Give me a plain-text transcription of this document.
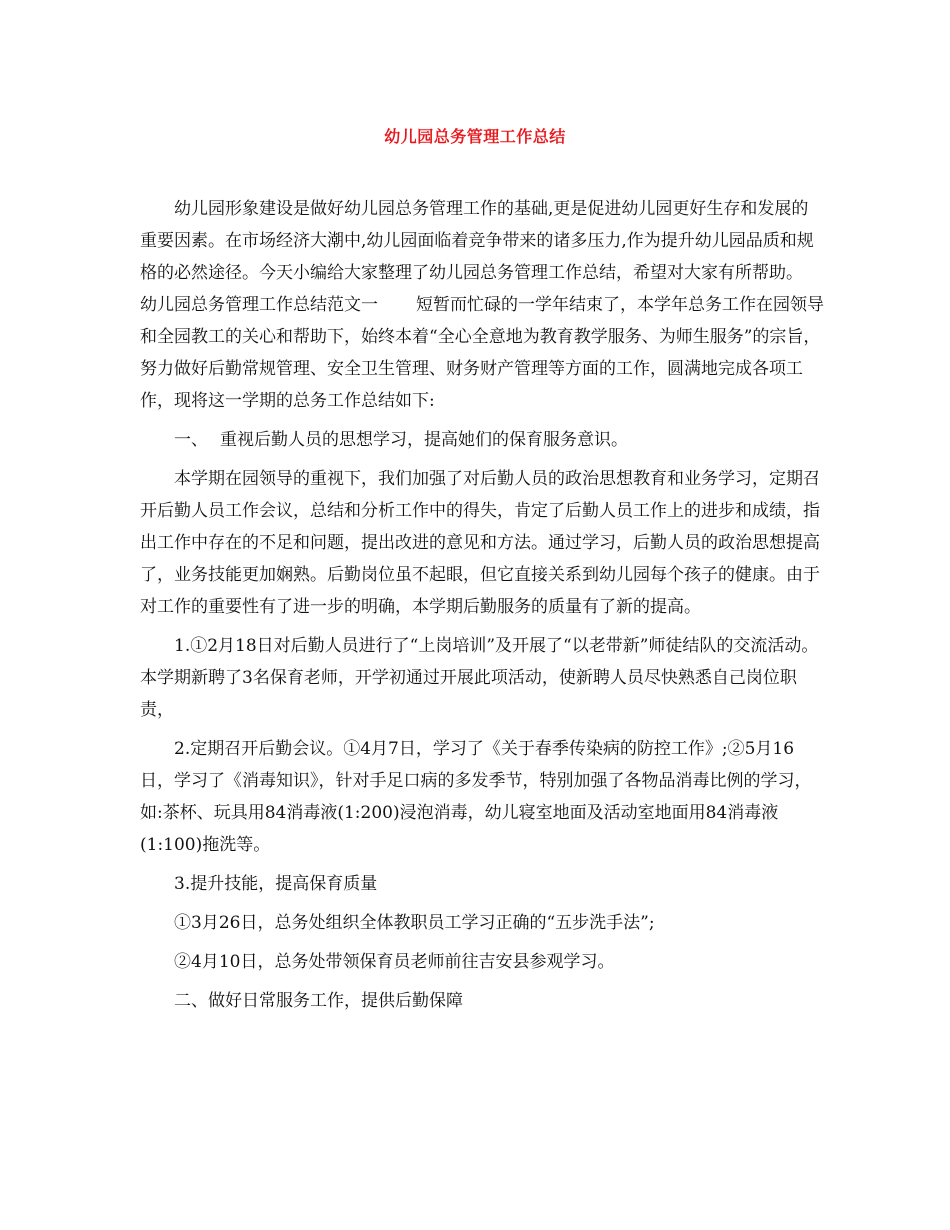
幼儿园总务管理工作总结

幼儿园形象建设是做好幼儿园总务管理工作的基础,更是促进幼儿园更好生存和发展的重要因素。在市场经济大潮中,幼儿园面临着竞争带来的诸多压力,作为提升幼儿园品质和规格的必然途径。今天小编给大家整理了幼儿园总务管理工作总结，希望对大家有所帮助。

幼儿园总务管理工作总结范文一 短暂而忙碌的一学年结束了，本学年总务工作在园领导和全园教工的关心和帮助下，始终本着“全心全意地为教育教学服务、为师生服务”的宗旨，努力做好后勤常规管理、安全卫生管理、财务财产管理等方面的工作，圆满地完成各项工作，现将这一学期的总务工作总结如下:

一、 重视后勤人员的思想学习，提高她们的保育服务意识。

本学期在园领导的重视下，我们加强了对后勤人员的政治思想教育和业务学习，定期召开后勤人员工作会议，总结和分析工作中的得失，肯定了后勤人员工作上的进步和成绩，指出工作中存在的不足和问题，提出改进的意见和方法。通过学习，后勤人员的政治思想提高了，业务技能更加娴熟。后勤岗位虽不起眼，但它直接关系到幼儿园每个孩子的健康。由于对工作的重要性有了进一步的明确，本学期后勤服务的质量有了新的提高。

1.①2月18日对后勤人员进行了“上岗培训”及开展了“以老带新”师徒结队的交流活动。本学期新聘了3名保育老师，开学初通过开展此项活动，使新聘人员尽快熟悉自己岗位职责，

2.定期召开后勤会议。①4月7日，学习了《关于春季传染病的防控工作》;②5月16日，学习了《消毒知识》，针对手足口病的多发季节，特别加强了各物品消毒比例的学习，如:茶杯、玩具用84消毒液(1:200)浸泡消毒，幼儿寝室地面及活动室地面用84消毒液(1:100)拖洗等。

3.提升技能，提高保育质量

①3月26日，总务处组织全体教职员工学习正确的“五步洗手法”;

②4月10日，总务处带领保育员老师前往吉安县参观学习。

二、做好日常服务工作，提供后勤保障
